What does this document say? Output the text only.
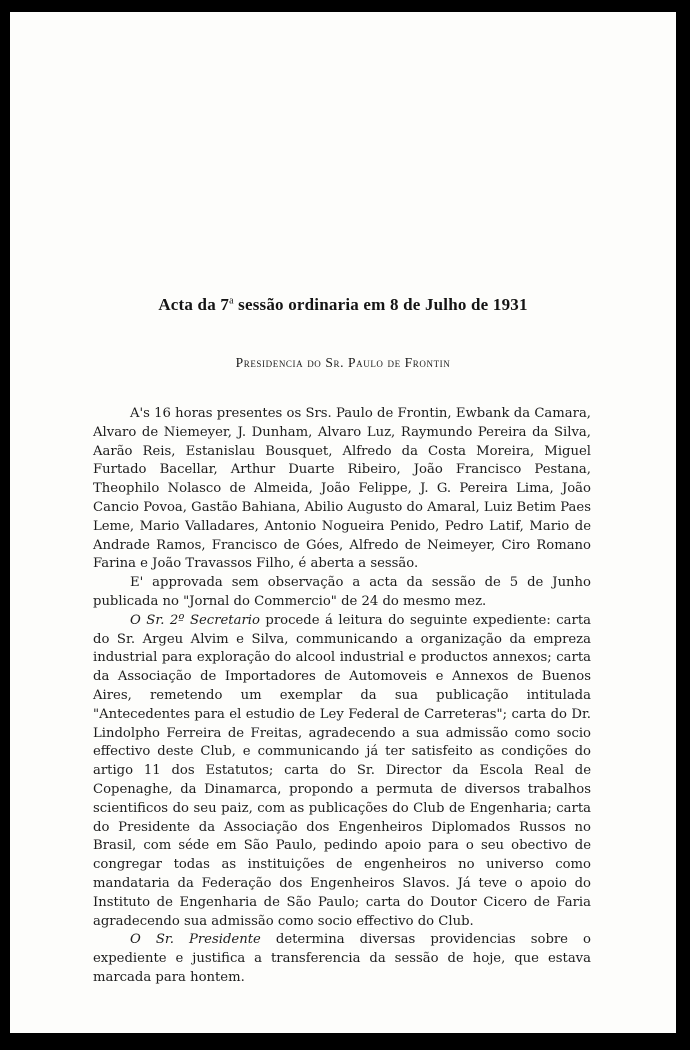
Acta da 7$^a$ sessão ordinaria em 8 de Julho de 1931
Presidencia do Sr. Paulo de Frontin

A's 16 horas presentes os Srs. Paulo de Frontin, Ewbank da Camara, Alvaro de Niemeyer, J. Dunham, Alvaro Luz, Raymundo Pereira da Silva, Aarão Reis, Estanislau Bousquet, Alfredo da Costa Moreira, Miguel Furtado Bacellar, Arthur Duarte Ribeiro, João Francisco Pestana, Theophilo Nolasco de Almeida, João Felippe, J. G. Pereira Lima, João Cancio Povoa, Gastão Bahiana, Abilio Augusto do Amaral, Luiz Betim Paes Leme, Mario Valladares, Antonio Nogueira Penido, Pedro Latif, Mario de Andrade Ramos, Francisco de Góes, Alfredo de Neimeyer, Ciro Romano Farina e João Travassos Filho, é aberta a sessão.

E' approvada sem observação a acta da sessão de 5 de Junho publicada no "Jornal do Commercio" de 24 do mesmo mez.

O Sr. 2º Secretario procede á leitura do seguinte expediente: carta do Sr. Argeu Alvim e Silva, communicando a organização da empreza industrial para exploração do alcool industrial e productos annexos; carta da Associação de Importadores de Automoveis e Annexos de Buenos Aires, remetendo um exemplar da sua publicação intitulada "Antecedentes para el estudio de Ley Federal de Carreteras"; carta do Dr. Lindolpho Ferreira de Freitas, agradecendo a sua admissão como socio effectivo deste Club, e communicando já ter satisfeito as condições do artigo 11 dos Estatutos; carta do Sr. Director da Escola Real de Copenaghe, da Dinamarca, propondo a permuta de diversos trabalhos scientificos do seu paiz, com as publicações do Club de Engenharia; carta do Presidente da Associação dos Engenheiros Diplomados Russos no Brasil, com séde em São Paulo, pedindo apoio para o seu obectivo de congregar todas as instituições de engenheiros no universo como mandataria da Federação dos Engenheiros Slavos. Já teve o apoio do Instituto de Engenharia de São Paulo; carta do Doutor Cicero de Faria agradecendo sua admissão como socio effectivo do Club.

O Sr. Presidente determina diversas providencias sobre o expediente e justifica a transferencia da sessão de hoje, que estava marcada para hontem.
